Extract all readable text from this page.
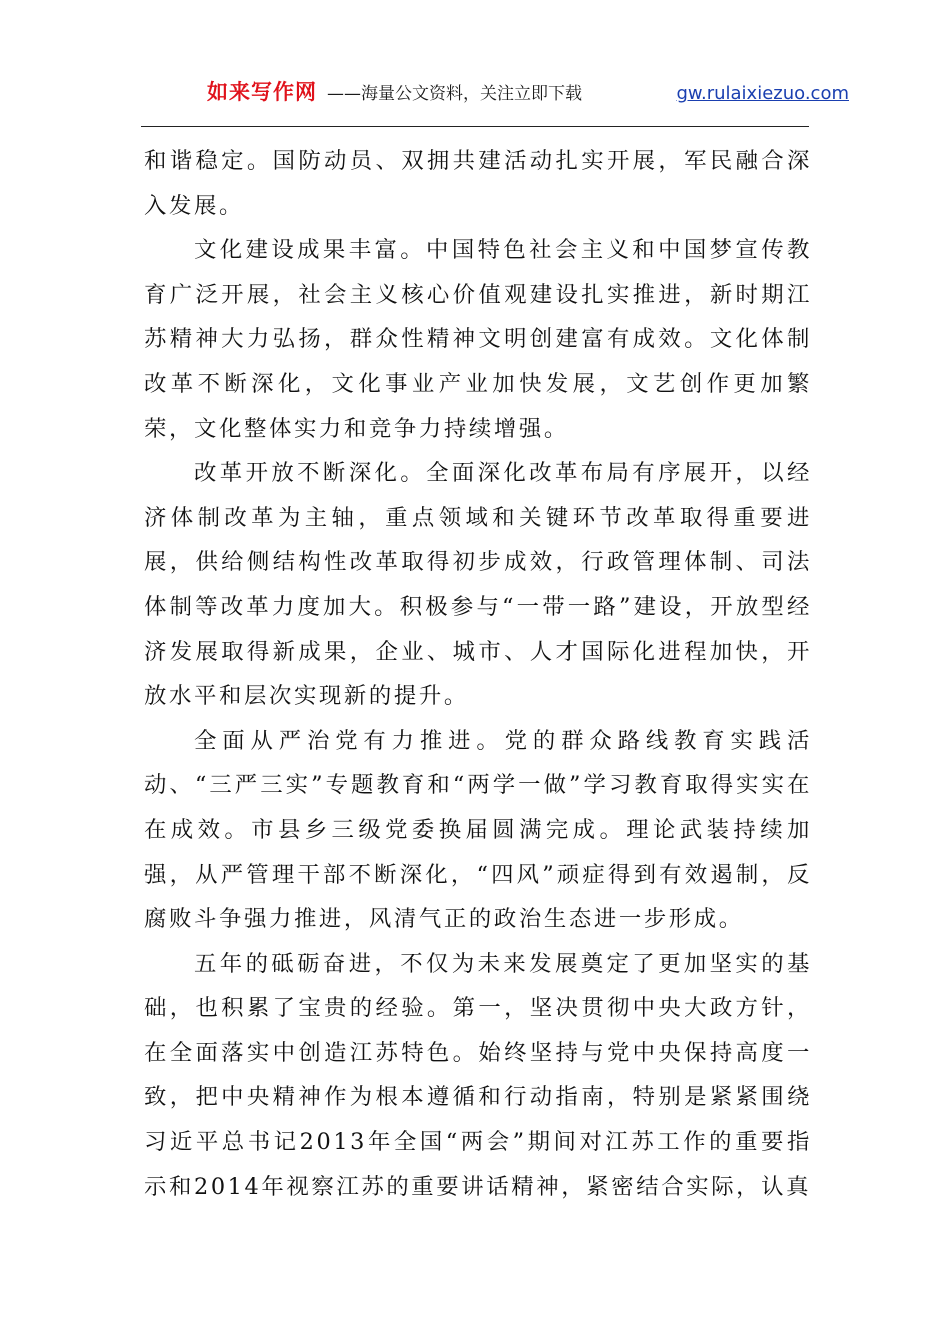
如来写作网 ——海量公文资料，关注立即下载	gw.rulaixiezuo.com

和谐稳定。国防动员、双拥共建活动扎实开展，军民融合深入发展。

文化建设成果丰富。中国特色社会主义和中国梦宣传教育广泛开展，社会主义核心价值观建设扎实推进，新时期江苏精神大力弘扬，群众性精神文明创建富有成效。文化体制改革不断深化，文化事业产业加快发展，文艺创作更加繁荣，文化整体实力和竞争力持续增强。

改革开放不断深化。全面深化改革布局有序展开，以经济体制改革为主轴，重点领域和关键环节改革取得重要进展，供给侧结构性改革取得初步成效，行政管理体制、司法体制等改革力度加大。积极参与“一带一路”建设，开放型经济发展取得新成果，企业、城市、人才国际化进程加快，开放水平和层次实现新的提升。

全面从严治党有力推进。党的群众路线教育实践活动、“三严三实”专题教育和“两学一做”学习教育取得实实在在成效。市县乡三级党委换届圆满完成。理论武装持续加强，从严管理干部不断深化，“四风”顽症得到有效遏制，反腐败斗争强力推进，风清气正的政治生态进一步形成。

五年的砥砺奋进，不仅为未来发展奠定了更加坚实的基础，也积累了宝贵的经验。第一，坚决贯彻中央大政方针，在全面落实中创造江苏特色。始终坚持与党中央保持高度一致，把中央精神作为根本遵循和行动指南，特别是紧紧围绕习近平总书记2013年全国“两会”期间对江苏工作的重要指示和2014年视察江苏的重要讲话精神，紧密结合实际，认真
